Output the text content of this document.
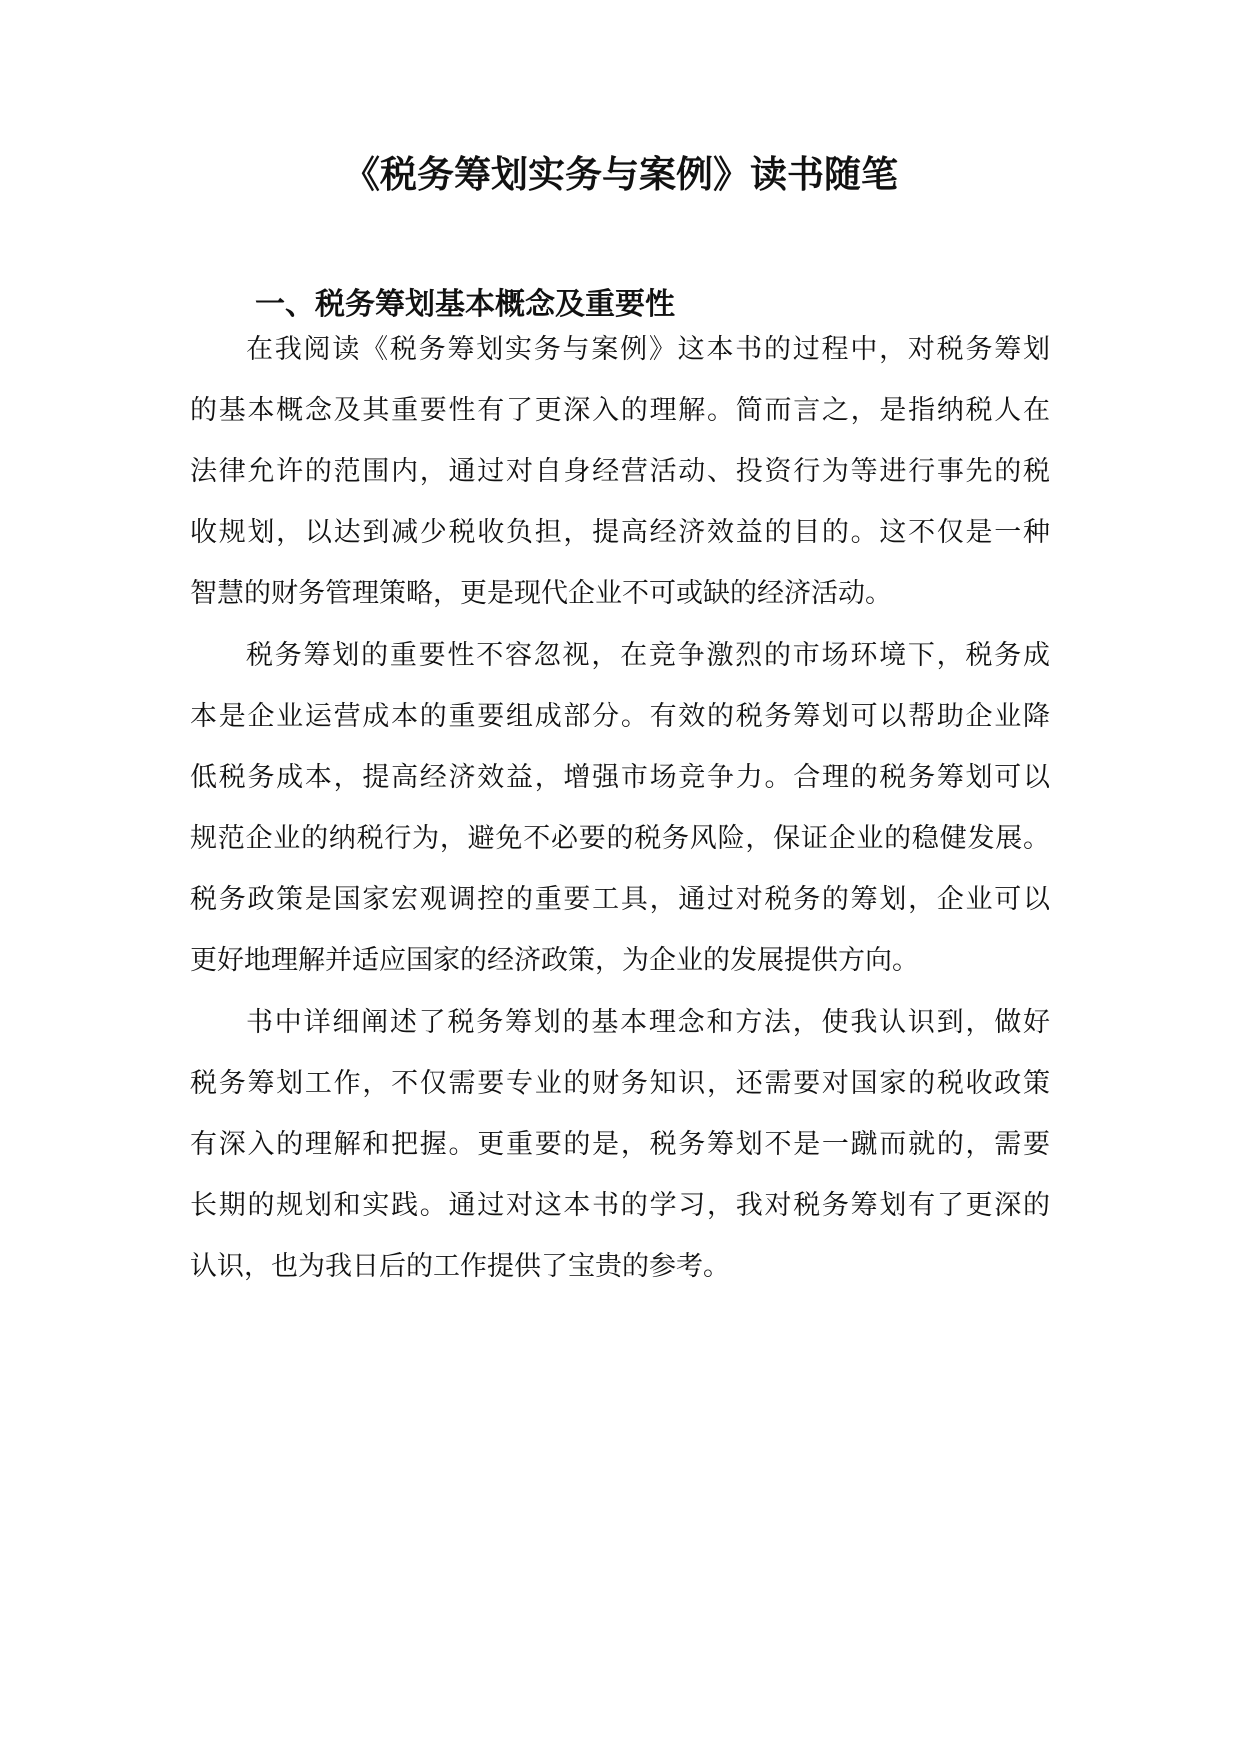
《税务筹划实务与案例》读书随笔
一、税务筹划基本概念及重要性
在我阅读《税务筹划实务与案例》这本书的过程中，对税务筹划
的基本概念及其重要性有了更深入的理解。简而言之，是指纳税人在
法律允许的范围内，通过对自身经营活动、投资行为等进行事先的税
收规划，以达到减少税收负担，提高经济效益的目的。这不仅是一种
智慧的财务管理策略，更是现代企业不可或缺的经济活动。
税务筹划的重要性不容忽视，在竞争激烈的市场环境下，税务成
本是企业运营成本的重要组成部分。有效的税务筹划可以帮助企业降
低税务成本，提高经济效益，增强市场竞争力。合理的税务筹划可以
规范企业的纳税行为，避免不必要的税务风险，保证企业的稳健发展。
税务政策是国家宏观调控的重要工具，通过对税务的筹划，企业可以
更好地理解并适应国家的经济政策，为企业的发展提供方向。
书中详细阐述了税务筹划的基本理念和方法，使我认识到，做好
税务筹划工作，不仅需要专业的财务知识，还需要对国家的税收政策
有深入的理解和把握。更重要的是，税务筹划不是一蹴而就的，需要
长期的规划和实践。通过对这本书的学习，我对税务筹划有了更深的
认识，也为我日后的工作提供了宝贵的参考。
